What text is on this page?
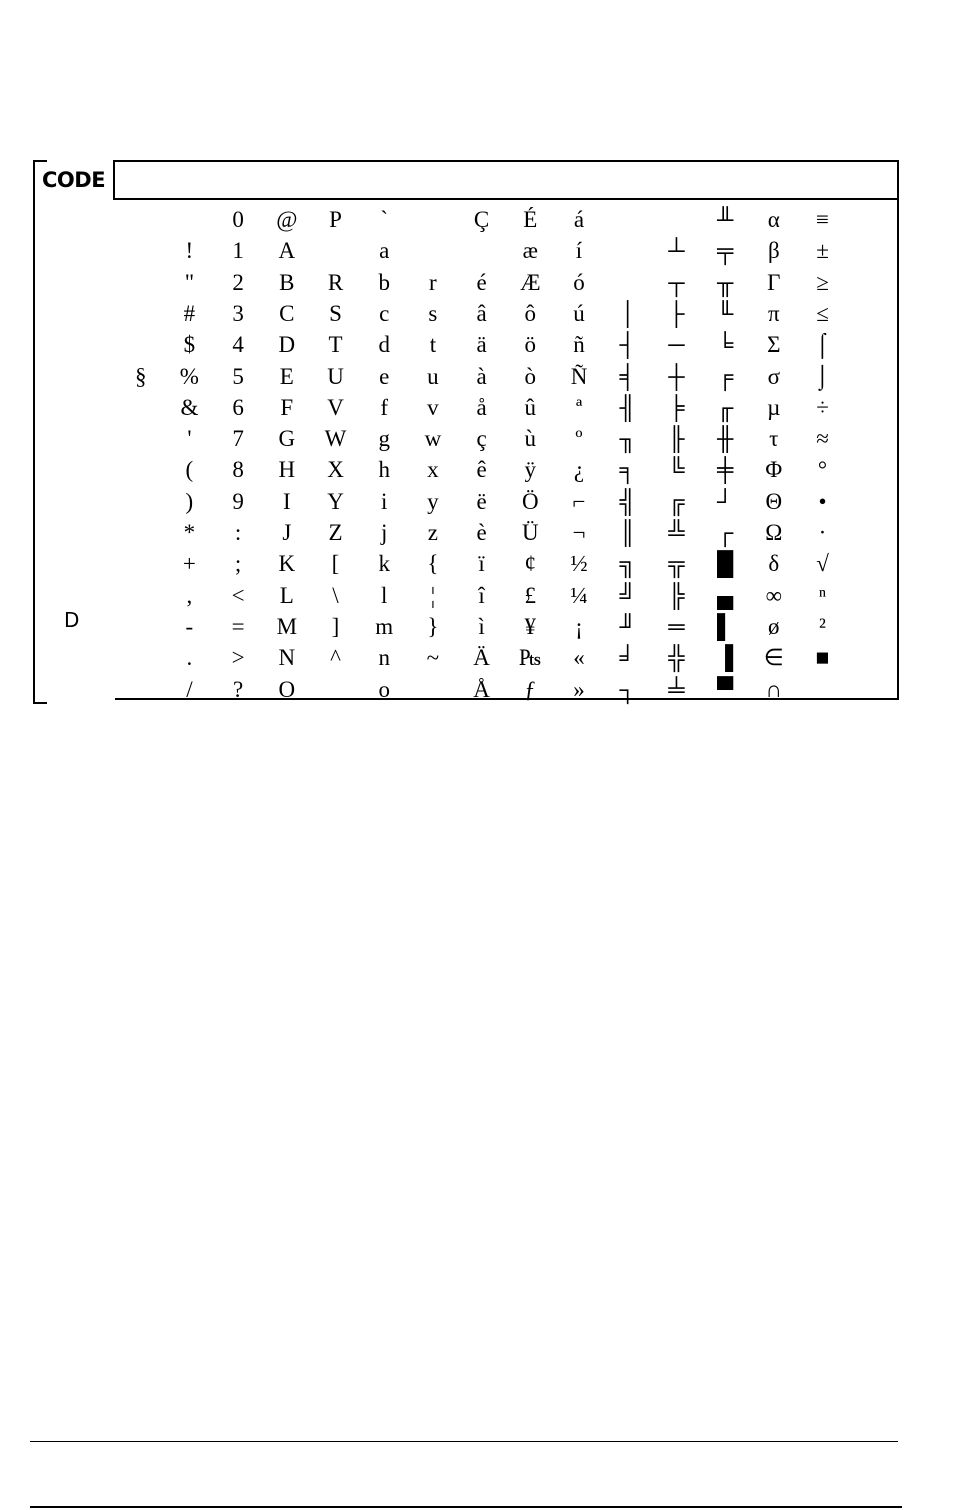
CODE
D
§
!
"
#
$
%
&
'
(
)
*
+
,
-
.
/
0
1
2
3
4
5
6
7
8
9
:
;
<
=
>
?
@
A
B
C
D
E
F
G
H
I
J
K
L
M
N
O
P
R
S
T
U
V
W
X
Y
Z
[
\
]
^
_
`
a
b
c
d
e
f
g
h
i
j
k
l
m
n
o
r
s
t
u
v
w
x
y
z
{
¦
}
~
Ç
é
â
ä
à
å
ç
ê
ë
è
ï
î
ì
Ä
Å
É
æ
Æ
ô
ö
ò
û
ù
ÿ
Ö
Ü
¢
£
¥
₧
ƒ
á
í
ó
ú
ñ
Ñ
ª
º
¿
⌐
¬
½
¼
¡
«
»
│
┤
╡
╢
╖
╕
╣
║
╗
╝
╜
╛
┐
┴
┬
├
─
┼
╞
╟
╚
╔
╩
╦
╠
═
╬
╧
╨
╤
╥
╙
╘
╒
╓
╫
╪
┘
┌
█
▄
▌
▐
▀
α
β
Γ
π
Σ
σ
µ
τ
Φ
Θ
Ω
δ
∞
ø
∈
∩
≡
±
≥
≤
⌠
⌡
÷
≈
°
•
·
√
ⁿ
²
■
